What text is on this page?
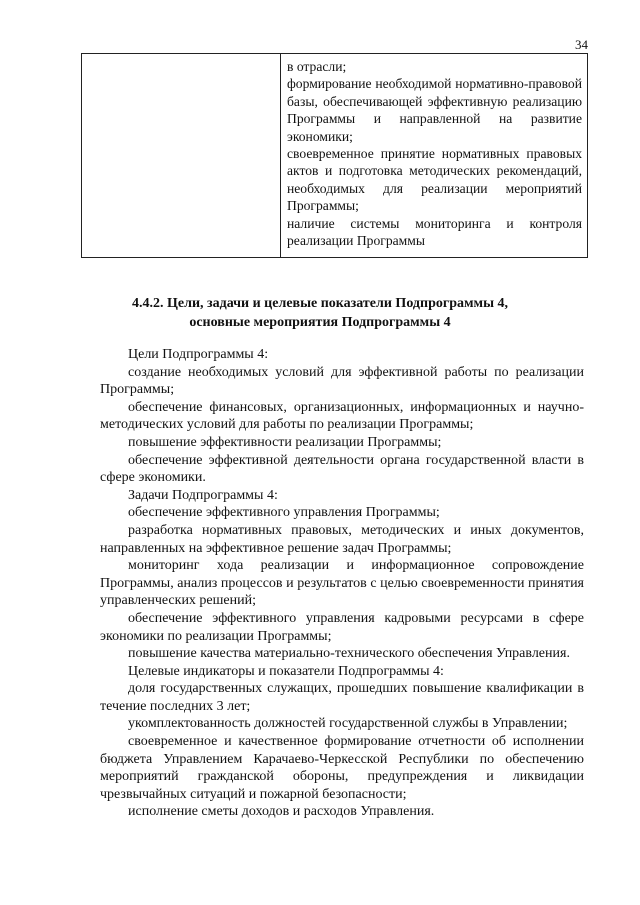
34

в отрасли;

формирование необходимой нормативно-правовой базы, обеспечивающей эффективную реализацию Программы и направленной на развитие экономики;

своевременное принятие нормативных правовых актов и подготовка методических рекомендаций, необходимых для реализации мероприятий Программы;

наличие системы мониторинга и контроля реализации Программы

4.4.2. Цели, задачи и целевые показатели Подпрограммы 4,
основные мероприятия Подпрограммы 4

Цели Подпрограммы 4:

создание необходимых условий для эффективной работы по реализации Программы;

обеспечение финансовых, организационных, информационных и научно-методических условий для работы по реализации Программы;

повышение эффективности реализации Программы;

обеспечение эффективной деятельности органа государственной власти в сфере экономики.

Задачи Подпрограммы 4:

обеспечение эффективного управления Программы;

разработка нормативных правовых, методических и иных документов, направленных на эффективное решение задач Программы;

мониторинг хода реализации и информационное сопровождение Программы, анализ процессов и результатов с целью своевременности принятия управленческих решений;

обеспечение эффективного управления кадровыми ресурсами в сфере экономики по реализации Программы;

повышение качества материально-технического обеспечения Управления.

Целевые индикаторы и показатели Подпрограммы 4:

доля государственных служащих, прошедших повышение квалификации в течение последних 3 лет;

укомплектованность должностей государственной службы в Управлении;

своевременное и качественное формирование отчетности об исполнении бюджета Управлением Карачаево-Черкесской Республики по обеспечению мероприятий гражданской обороны, предупреждения и ликвидации чрезвычайных ситуаций и пожарной безопасности;

исполнение сметы доходов и расходов Управления.
